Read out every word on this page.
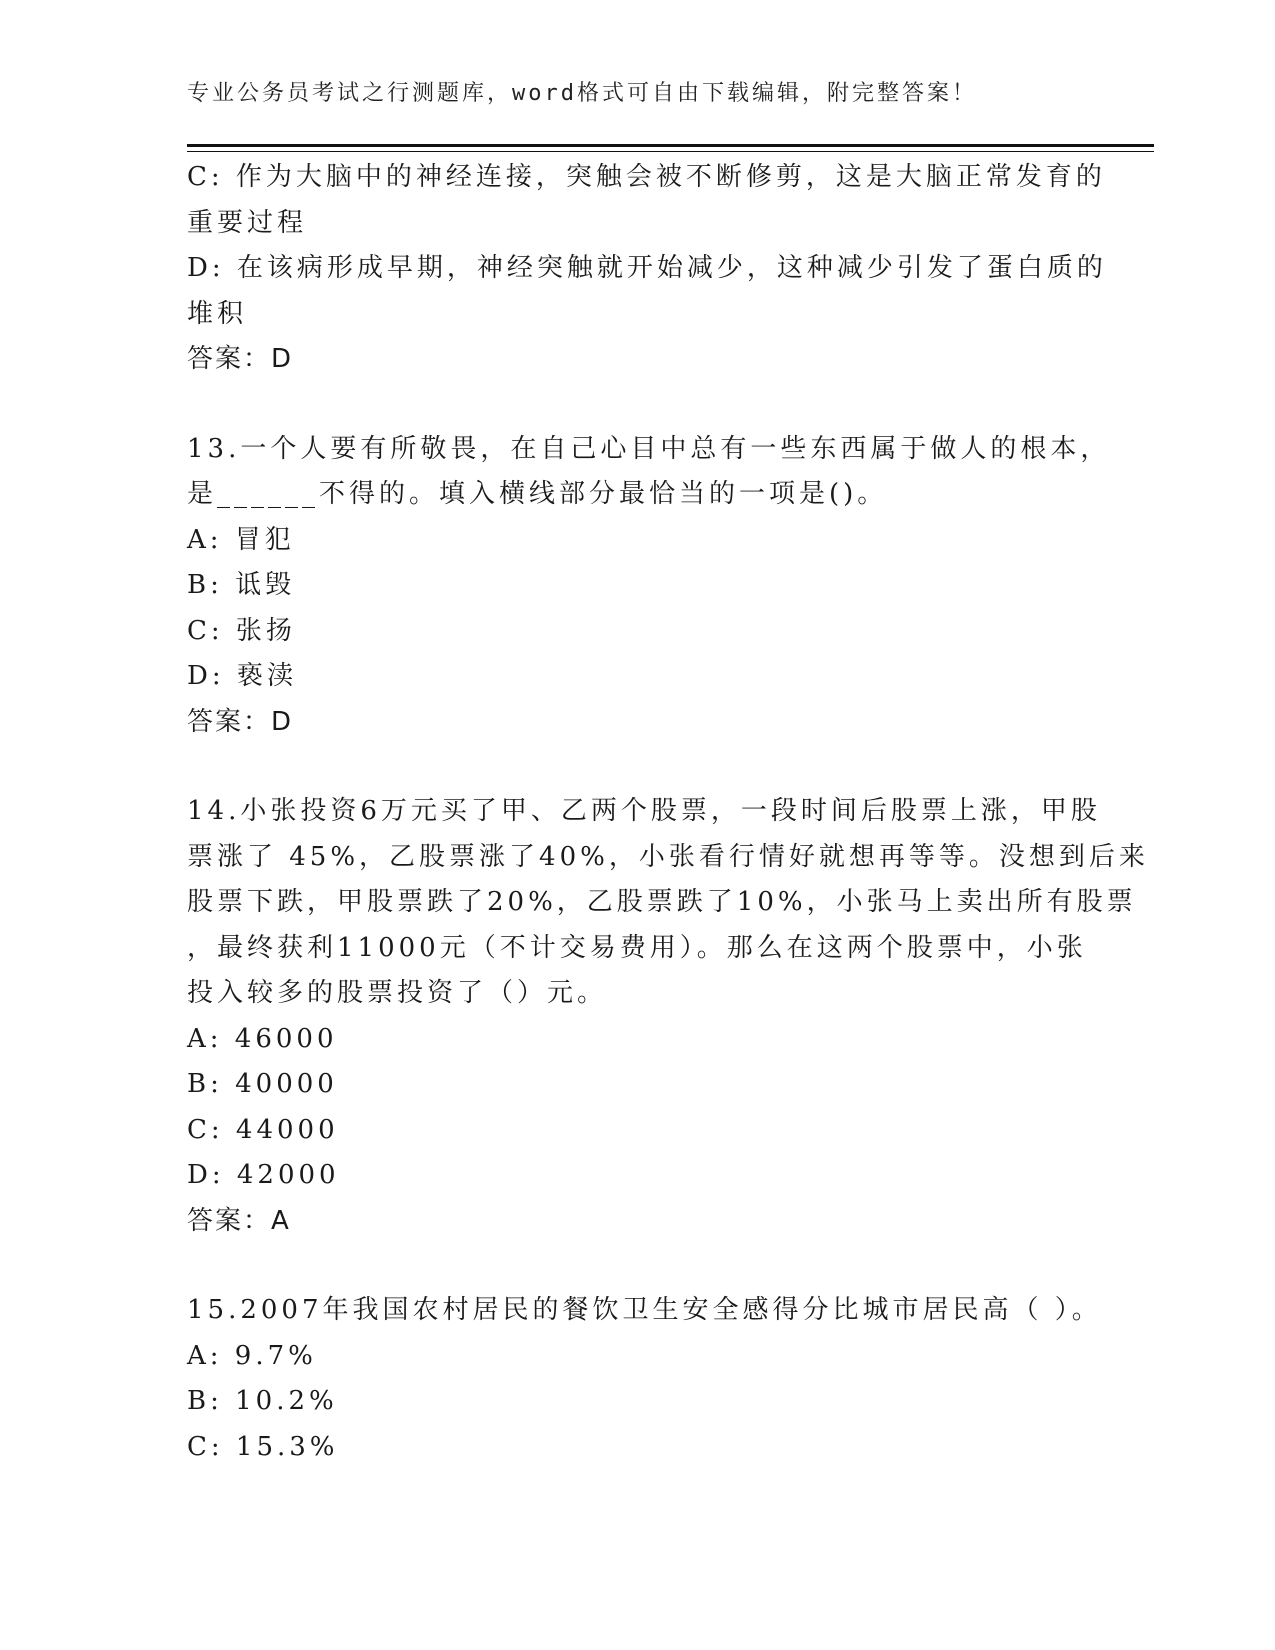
专业公务员考试之行测题库，word格式可自由下载编辑，附完整答案！
C: 作为大脑中的神经连接，突触会被不断修剪，这是大脑正常发育的
重要过程
D: 在该病形成早期，神经突触就开始减少，这种减少引发了蛋白质的
堆积
答案：D
13.一个人要有所敬畏，在自己心目中总有一些东西属于做人的根本，
是______不得的。填入横线部分最恰当的一项是()。
A: 冒犯
B: 诋毁
C: 张扬
D: 亵渎
答案：D
14.小张投资6万元买了甲、乙两个股票，一段时间后股票上涨，甲股
票涨了 45%，乙股票涨了40%，小张看行情好就想再等等。没想到后来
股票下跌，甲股票跌了20%，乙股票跌了10%，小张马上卖出所有股票
，最终获利11000元（不计交易费用）。那么在这两个股票中，小张
投入较多的股票投资了（）元。
A: 46000
B: 40000
C: 44000
D: 42000
答案：A
15.2007年我国农村居民的餐饮卫生安全感得分比城市居民高（ ）。
A: 9.7%
B: 10.2%
C: 15.3%
